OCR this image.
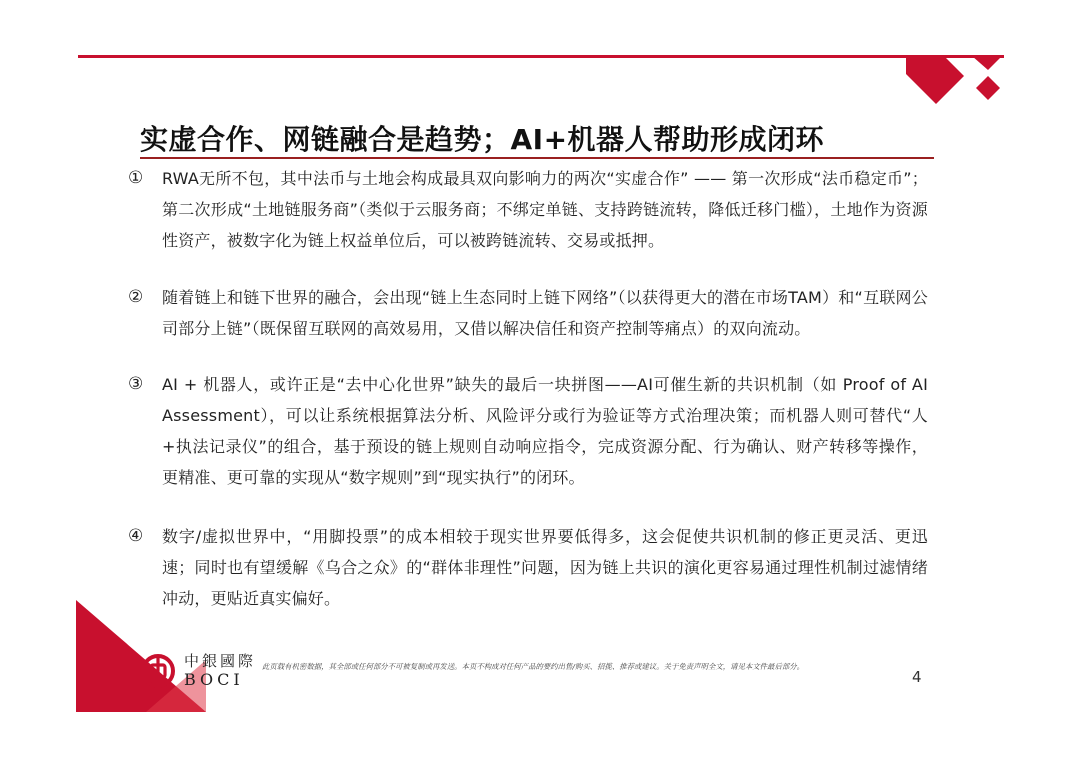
实虚合作、网链融合是趋势；AI+机器人帮助形成闭环
①	RWA无所不包，其中法币与土地会构成最具双向影响力的两次“实虚合作” —— 第一次形成“法币稳定币”；第二次形成“土地链服务商”（类似于云服务商；不绑定单链、支持跨链流转，降低迁移门槛），土地作为资源性资产，被数字化为链上权益单位后，可以被跨链流转、交易或抵押。
②	随着链上和链下世界的融合，会出现“链上生态同时上链下网络”（以获得更大的潜在市场TAM）和“互联网公司部分上链”（既保留互联网的高效易用，又借以解决信任和资产控制等痛点）的双向流动。
③	AI + 机器人，或许正是“去中心化世界”缺失的最后一块拼图——AI可催生新的共识机制（如 Proof of AI Assessment），可以让系统根据算法分析、风险评分或行为验证等方式治理决策；而机器人则可替代“人+执法记录仪”的组合，基于预设的链上规则自动响应指令，完成资源分配、行为确认、财产转移等操作，更精准、更可靠的实现从“数字规则”到“现实执行”的闭环。
④	数字/虚拟世界中，“用脚投票”的成本相较于现实世界要低得多，这会促使共识机制的修正更灵活、更迅速；同时也有望缓解《乌合之众》的“群体非理性”问题，因为链上共识的演化更容易通过理性机制过滤情绪冲动，更贴近真实偏好。
中銀國際
BOCI
此页载有机密数据，其全部或任何部分不可被复制或再发送。本页不构成对任何产品的要约出售/购买、招揽、推荐或建议。关于免责声明全文，请见本文件最后部分。
4
